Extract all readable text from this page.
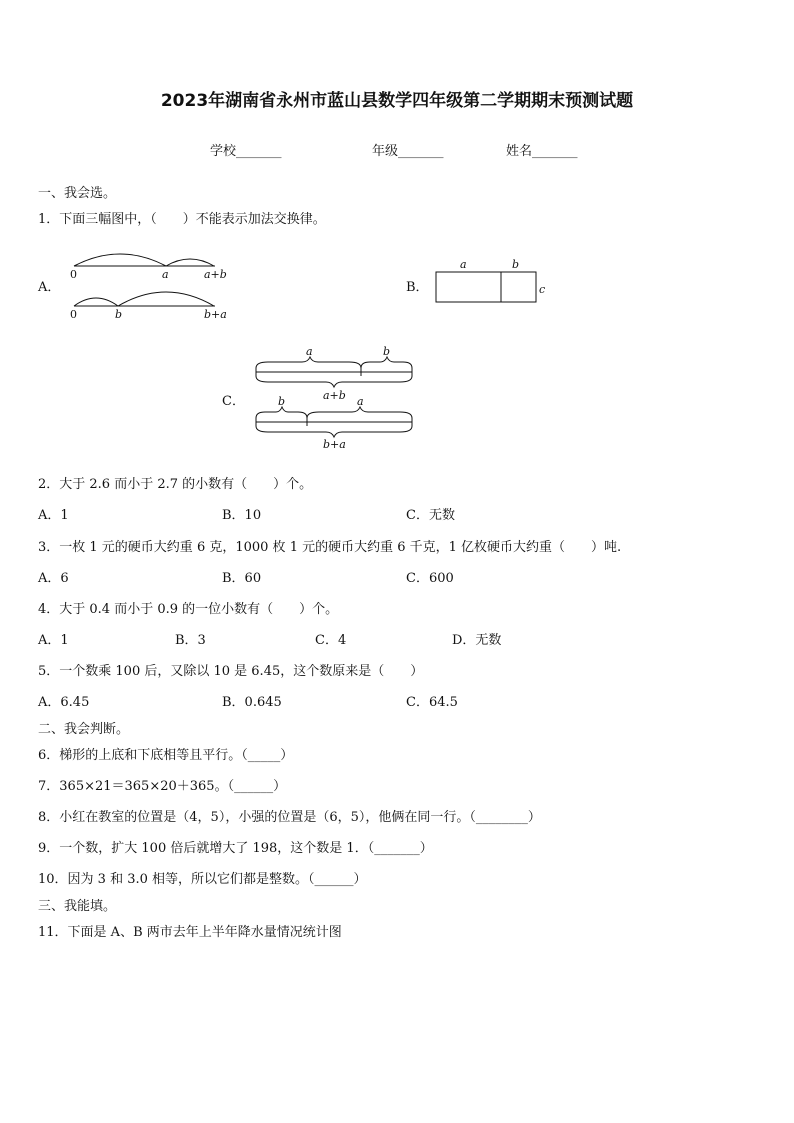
2023年湖南省永州市蓝山县数学四年级第二学期期末预测试题
学校_______	年级_______	姓名_______
一、我会选。
1．下面三幅图中，（　　）不能表示加法交换律。
A．
0	a	a+b
0	b	b+a
B．
a	b
c
C．
a	b
a+b
b	a
b+a
2．大于 2.6 而小于 2.7 的小数有（　　）个。
A．1	B．10	C．无数
3．一枚 1 元的硬币大约重 6 克，1000 枚 1 元的硬币大约重 6 千克，1 亿枚硬币大约重（　　）吨.
A．6	B．60	C．600
4．大于 0.4 而小于 0.9 的一位小数有（　　）个。
A．1	B．3	C．4	D．无数
5．一个数乘 100 后，又除以 10 是 6.45，这个数原来是（　　）
A．6.45	B．0.645	C．64.5
二、我会判断。
6．梯形的上底和下底相等且平行。（_____）
7．365×21＝365×20＋365。（______）
8．小红在教室的位置是（4，5），小强的位置是（6，5），他俩在同一行。（________）
9．一个数，扩大 100 倍后就增大了 198，这个数是 1．（_______）
10．因为 3 和 3.0 相等，所以它们都是整数。（______）
三、我能填。
11．下面是 A、B 两市去年上半年降水量情况统计图
